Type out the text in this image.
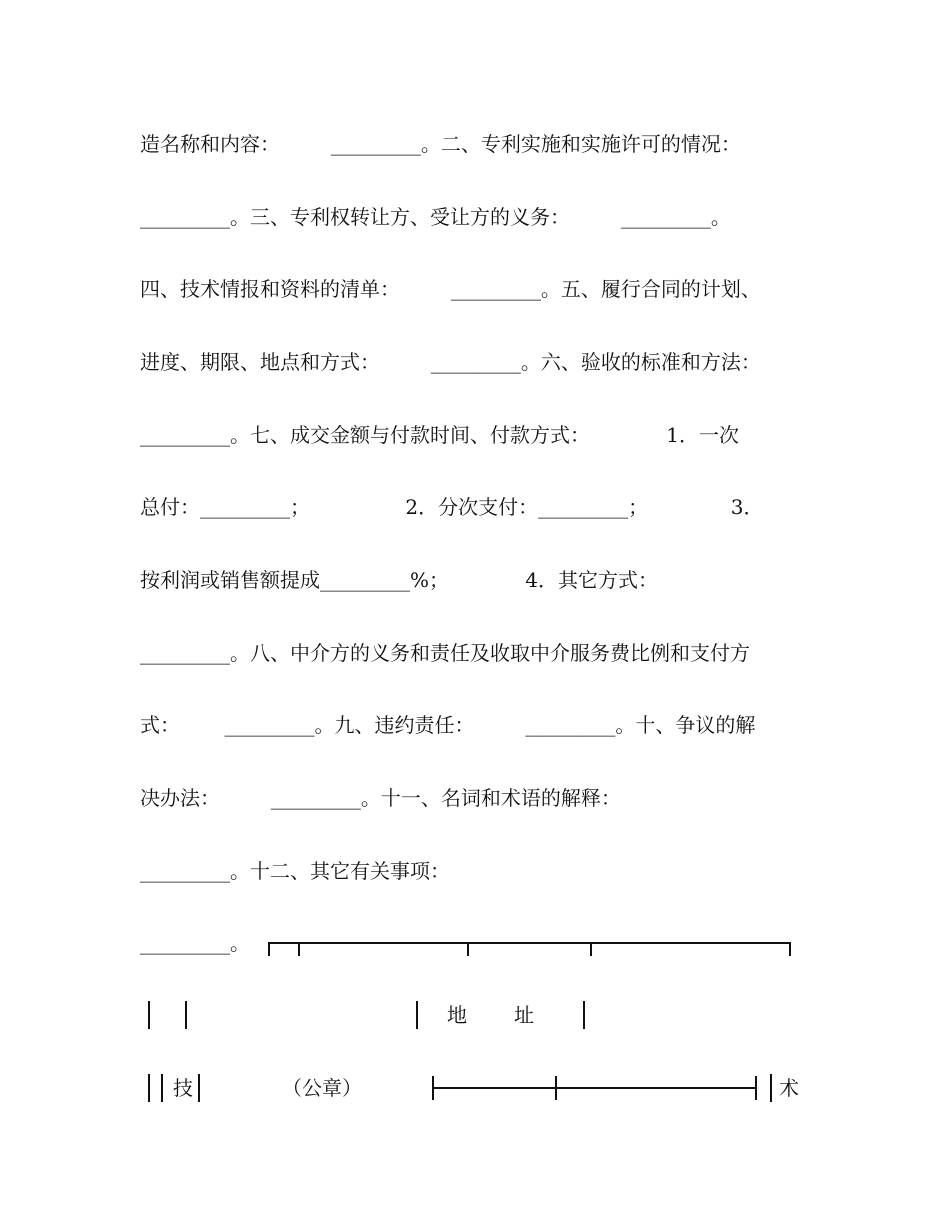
造名称和内容：        _________。二、专利实施和实施许可的情况：
_________。三、专利权转让方、受让方的义务：        _________。
四、技术情报和资料的清单：        _________。五、履行合同的计划、
进度、期限、地点和方式：        _________。六、验收的标准和方法：
_________。七、成交金额与付款时间、付款方式：            1．一次
总付：_________；               2．分次支付：_________；             3．
按利润或销售额提成_________%；            4．其它方式：
_________。八、中介方的义务和责任及收取中介服务费比例和支付方
式：       _________。九、违约责任：        _________。十、争议的解
决办法：        _________。十一、名词和术语的解释：
_________。十二、其它有关事项：
_________。
地 址
技	（公章）	术
